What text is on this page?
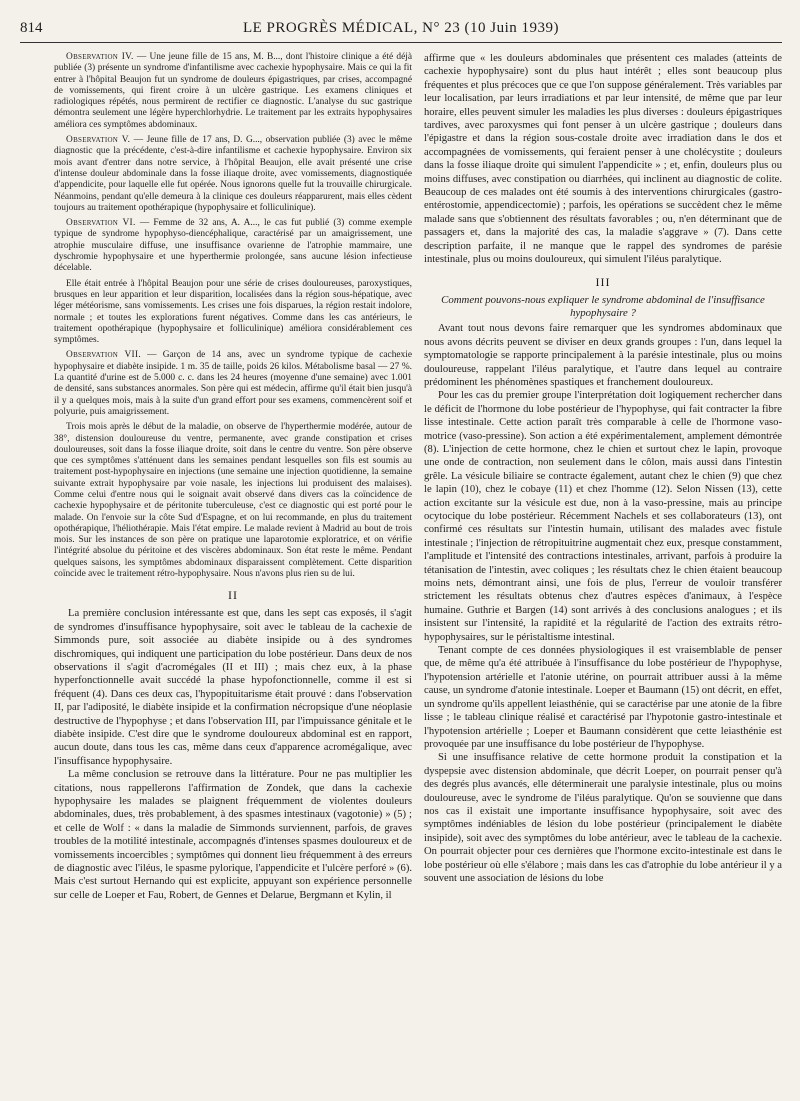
814	LE PROGRÈS MÉDICAL, N° 23 (10 Juin 1939)

Observation IV. — Une jeune fille de 15 ans, M. B..., dont l'histoire clinique a été déjà publiée (3) présente un syndrome d'infantilisme avec cachexie hypophysaire. Mais ce qui la fit entrer à l'hôpital Beaujon fut un syndrome de douleurs épigastriques, par crises, accompagné de vomissements, qui firent croire à un ulcère gastrique. Les examens cliniques et radiologiques répétés, nous permirent de rectifier ce diagnostic. L'analyse du suc gastrique démontra seulement une légère hyperchlorhydrie. Le traitement par les extraits hypophysaires améliora ces symptômes abdominaux.

Observation V. — Jeune fille de 17 ans, D. G..., observation publiée (3) avec le même diagnostic que la précédente, c'est-à-dire infantilisme et cachexie hypophysaire. Environ six mois avant d'entrer dans notre service, à l'hôpital Beaujon, elle avait présenté une crise d'intense douleur abdominale dans la fosse iliaque droite, avec vomissements, diagnostiquée d'appendicite, pour laquelle elle fut opérée. Nous ignorons quelle fut la trouvaille chirurgicale. Néanmoins, pendant qu'elle demeura à la clinique ces douleurs réapparurent, mais elles cèdent toujours au traitement opothérapique (hypophysaire et folliculinique).

Observation VI. — Femme de 32 ans, A. A..., le cas fut publié (3) comme exemple typique de syndrome hypophyso-diencéphalique, caractérisé par un amaigrissement, une atrophie musculaire diffuse, une insuffisance ovarienne de l'atrophie mammaire, une dyschromie hypophysaire et une hyperthermie prolongée, sans aucune lésion infectieuse décelable.

Elle était entrée à l'hôpital Beaujon pour une série de crises douloureuses, paroxystiques, brusques en leur apparition et leur disparition, localisées dans la région sous-hépatique, avec léger météorisme, sans vomissements. Les crises une fois disparues, la région restait indolore, normale ; et toutes les explorations furent négatives. Comme dans les cas antérieurs, le traitement opothérapique (hypophysaire et folliculinique) améliora considérablement ces symptômes.

Observation VII. — Garçon de 14 ans, avec un syndrome typique de cachexie hypophysaire et diabète insipide. 1 m. 35 de taille, poids 26 kilos. Métabolisme basal — 27 %. La quantité d'urine est de 5.000 c. c. dans les 24 heures (moyenne d'une semaine) avec 1.001 de densité, sans substances anormales. Son père qui est médecin, affirme qu'il était bien jusqu'à il y a quelques mois, mais à la suite d'un grand effort pour ses examens, commencèrent soif et polyurie, puis amaigrissement.

Trois mois après le début de la maladie, on observe de l'hyperthermie modérée, autour de 38°, distension douloureuse du ventre, permanente, avec grande constipation et crises douloureuses, soit dans la fosse iliaque droite, soit dans le centre du ventre. Son père observe que ces symptômes s'atténuent dans les semaines pendant lesquelles son fils est soumis au traitement post-hypophysaire en injections (une semaine une injection quotidienne, la semaine suivante extrait hypophysaire par voie nasale, les injections lui produisent des malaises). Comme celui d'entre nous qui le soignait avait observé dans divers cas la coïncidence de cachexie hypophysaire et de péritonite tuberculeuse, c'est ce diagnostic qui est porté pour le malade. On l'envoie sur la côte Sud d'Espagne, et on lui recommande, en plus du traitement opothérapique, l'héliothérapie. Mais l'état empire. Le malade revient à Madrid au bout de trois mois. Sur les instances de son père on pratique une laparotomie exploratrice, et on vérifie l'intégrité absolue du péritoine et des viscères abdominaux. Son état reste le même. Pendant quelques saisons, les symptômes abdominaux disparaissent complètement. Cette disparition coïncide avec le traitement rétro-hypophysaire. Nous n'avons plus rien su de lui.

II

La première conclusion intéressante est que, dans les sept cas exposés, il s'agit de syndromes d'insuffisance hypophysaire, soit avec le tableau de la cachexie de Simmonds pure, soit associée au diabète insipide ou à des syndromes dischromiques, qui indiquent une participation du lobe postérieur. Dans deux de nos observations il s'agit d'acromégales (II et III) ; mais chez eux, à la phase hyperfonctionnelle avait succédé la phase hypofonctionnelle, comme il est si fréquent (4). Dans ces deux cas, l'hypopituitarisme était prouvé : dans l'observation II, par l'adiposité, le diabète insipide et la confirmation nécropsique d'une néoplasie destructive de l'hypophyse ; et dans l'observation III, par l'impuissance génitale et le diabète insipide. C'est dire que le syndrome douloureux abdominal est en rapport, aucun doute, dans tous les cas, même dans ceux d'apparence acromégalique, avec l'insuffisance hypophysaire.

La même conclusion se retrouve dans la littérature. Pour ne pas multiplier les citations, nous rappellerons l'affirmation de Zondek, que dans la cachexie hypophysaire les malades se plaignent fréquemment de violentes douleurs abdominales, dues, très probablement, à des spasmes intestinaux (vagotonie) » (5) ; et celle de Wolf : « dans la maladie de Simmonds surviennent, parfois, de graves troubles de la motilité intestinale, accompagnés d'intenses spasmes douloureux et de vomissements incoercibles ; symptômes qui donnent lieu fréquemment à des erreurs de diagnostic avec l'iléus, le spasme pylorique, l'appendicite et l'ulcère perforé » (6). Mais c'est surtout Hernando qui est explicite, appuyant son expérience personnelle sur celle de Loeper et Fau, Robert, de Gennes et Delarue, Bergmann et Kylin, il

affirme que « les douleurs abdominales que présentent ces malades (atteints de cachexie hypophysaire) sont du plus haut intérêt ; elles sont beaucoup plus fréquentes et plus précoces que ce que l'on suppose généralement. Très variables par leur localisation, par leurs irradiations et par leur intensité, de même que par leur horaire, elles peuvent simuler les maladies les plus diverses : douleurs épigastriques tardives, avec paroxysmes qui font penser à un ulcère gastrique ; douleurs dans l'épigastre et dans la région sous-costale droite avec irradiation dans le dos et accompagnées de vomissements, qui feraient penser à une cholécystite ; douleurs dans la fosse iliaque droite qui simulent l'appendicite » ; et, enfin, douleurs plus ou moins diffuses, avec constipation ou diarrhées, qui inclinent au diagnostic de colite. Beaucoup de ces malades ont été soumis à des interventions chirurgicales (gastro-entérostomie, appendicectomie) ; parfois, les opérations se succèdent chez le même malade sans que s'obtiennent des résultats favorables ; ou, n'en déterminant que de passagers et, dans la majorité des cas, la maladie s'aggrave » (7). Dans cette description parfaite, il ne manque que le rappel des syndromes de parésie intestinale, plus ou moins douloureux, qui simulent l'iléus paralytique.

III

Comment pouvons-nous expliquer le syndrome abdominal de l'insuffisance hypophysaire ?

Avant tout nous devons faire remarquer que les syndromes abdominaux que nous avons décrits peuvent se diviser en deux grands groupes : l'un, dans lequel la symptomatologie se rapporte principalement à la parésie intestinale, plus ou moins douloureuse, rappelant l'iléus paralytique, et l'autre dans lequel au contraire prédominent les phénomènes spastiques et franchement douloureux.

Pour les cas du premier groupe l'interprétation doit logiquement rechercher dans le déficit de l'hormone du lobe postérieur de l'hypophyse, qui fait contracter la fibre lisse intestinale. Cette action paraît très comparable à celle de l'hormone vaso-motrice (vaso-pressine). Son action a été expérimentalement, amplement démontrée (8). L'injection de cette hormone, chez le chien et surtout chez le lapin, provoque une onde de contraction, non seulement dans le côlon, mais aussi dans l'intestin grêle. La vésicule biliaire se contracte également, autant chez le chien (9) que chez le lapin (10), chez le cobaye (11) et chez l'homme (12). Selon Nissen (13), cette action excitante sur la vésicule est due, non à la vaso-pressine, mais au principe ocytocique du lobe postérieur. Récemment Nachels et ses collaborateurs (13), ont confirmé ces résultats sur l'intestin humain, utilisant des malades avec fistule intestinale ; l'injection de rétropituitrine augmentait chez eux, presque constamment, l'amplitude et l'intensité des contractions intestinales, arrivant, parfois à produire la tétanisation de l'intestin, avec coliques ; les résultats chez le chien étaient beaucoup moins nets, démontrant ainsi, une fois de plus, l'erreur de vouloir transférer strictement les résultats obtenus chez d'autres espèces d'animaux, à l'espèce humaine. Guthrie et Bargen (14) sont arrivés à des conclusions analogues ; et ils insistent sur l'intensité, la rapidité et la régularité de l'action des extraits rétro-hypophysaires, sur le péristaltisme intestinal.

Tenant compte de ces données physiologiques il est vraisemblable de penser que, de même qu'a été attribuée à l'insuffisance du lobe postérieur de l'hypophyse, l'hypotension artérielle et l'atonie utérine, on pourrait attribuer aussi à la même cause, un syndrome d'atonie intestinale. Loeper et Baumann (15) ont décrit, en effet, un syndrome qu'ils appellent leiasthénie, qui se caractérise par une atonie de la fibre lisse ; le tableau clinique réalisé et caractérisé par l'hypotonie gastro-intestinale et l'hypotension artérielle ; Loeper et Baumann considèrent que cette leiasthénie est provoquée par une insuffisance du lobe postérieur de l'hypophyse.

Si une insuffisance relative de cette hormone produit la constipation et la dyspepsie avec distension abdominale, que décrit Loeper, on pourrait penser qu'à des degrés plus avancés, elle déterminerait une paralysie intestinale, plus ou moins douloureuse, avec le syndrome de l'iléus paralytique. Qu'on se souvienne que dans nos cas il existait une importante insuffisance hypophysaire, soit avec des symptômes indéniables de lésion du lobe postérieur (principalement le diabète insipide), soit avec des symptômes du lobe antérieur, avec le tableau de la cachexie. On pourrait objecter pour ces dernières que l'hormone excito-intestinale est dans le lobe postérieur où elle s'élabore ; mais dans les cas d'atrophie du lobe antérieur il y a souvent une association de lésions du lobe
